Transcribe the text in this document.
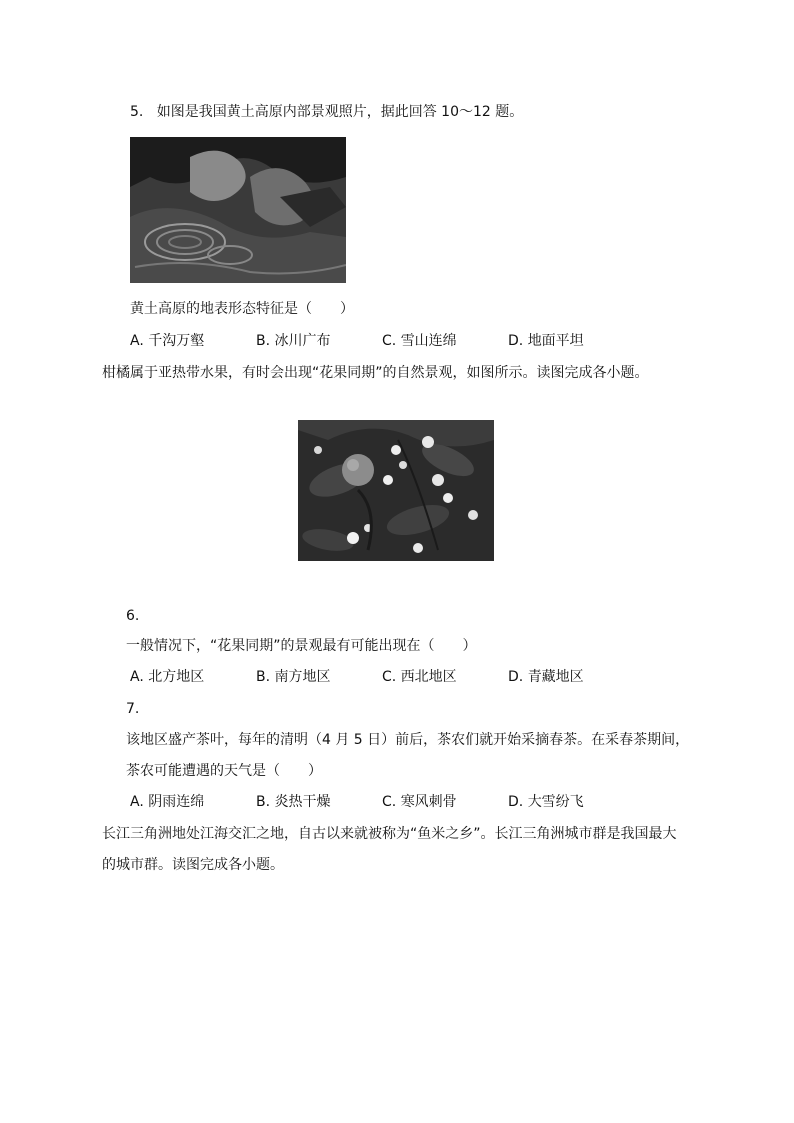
5. 如图是我国黄土高原内部景观照片，据此回答 10～12 题。
黄土高原的地表形态特征是（　　）
A. 千沟万壑	B. 冰川广布	C. 雪山连绵	D. 地面平坦
柑橘属于亚热带水果，有时会出现“花果同期”的自然景观，如图所示。读图完成各小题。
6.
一般情况下，“花果同期”的景观最有可能出现在（　　）
A. 北方地区	B. 南方地区	C. 西北地区	D. 青藏地区
7.
该地区盛产茶叶，每年的清明（4 月 5 日）前后，茶农们就开始采摘春茶。在采春茶期间，
茶农可能遭遇的天气是（　　）
A. 阴雨连绵	B. 炎热干燥	C. 寒风刺骨	D. 大雪纷飞
长江三角洲地处江海交汇之地，自古以来就被称为“鱼米之乡”。长江三角洲城市群是我国最大
的城市群。读图完成各小题。
